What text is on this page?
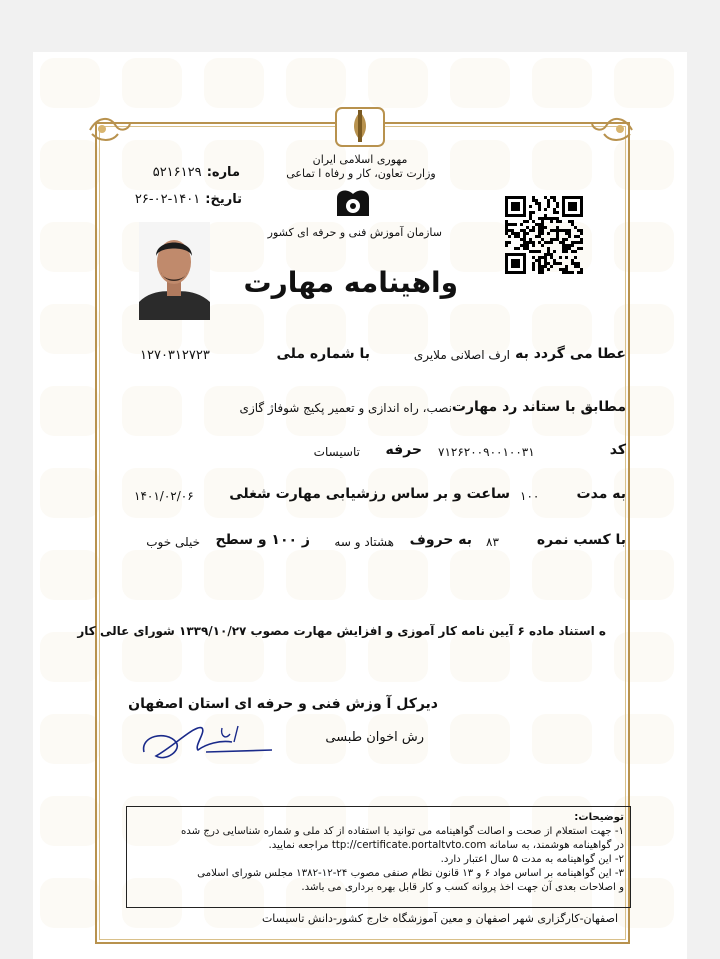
مهوری اسلامی ایران
وزارت تعاون، کار و رفاه ا تماعی
سازمان آموزش فنی و حرفه ای کشور
ماره: ۵۲۱۶۱۲۹
تاریخ: ۱۴۰۱-۰۲-۲۶
واهینامه مهارت
عطا می گردد به
ارف اصلانی ملایری
با شماره ملی
۱۲۷۰۳۱۲۷۲۳
مطابق با ستاند رد مهارت
نصب، راه اندازی و تعمیر پکیج شوفاژ گازی
کد
۷۱۲۶۲۰۰۹۰۰۱۰۰۳۱
حرفه
تاسیسات
به مدت
۱۰۰
ساعت و بر ساس رزشیابی مهارت شغلی
۱۴۰۱/۰۲/۰۶
با کسب نمره
۸۳
به حروف
هشتاد و سه
ز ۱۰۰ و سطح
خیلی خوب
ه استناد ماده ۶ آیین نامه کار آموزی و افزایش مهارت مصوب ۱۳۳۹/۱۰/۲۷ شورای عالی کار
دیرکل آ وزش فنی و حرفه ای استان اصفهان
رش اخوان طبسی
توضیحات:
۱- جهت استعلام از صحت و اصالت گواهینامه می توانید با استفاده از کد ملی و شماره شناسایی درج شده
در گواهینامه هوشمند، به سامانه ttp://certificate.portaltvto.com مراجعه نمایید.
۲- این گواهینامه به مدت ۵ سال اعتبار دارد.
۳- این گواهینامه بر اساس مواد ۶ و ۱۳ قانون نظام صنفی مصوب ۲۴-۱۲-۱۳۸۲ مجلس شورای اسلامی
و اصلاحات بعدی آن جهت اخذ پروانه کسب و کار قابل بهره برداری می باشد.
اصفهان-کارگزاری شهر اصفهان و معین آموزشگاه خارج کشور-دانش تاسیسات
